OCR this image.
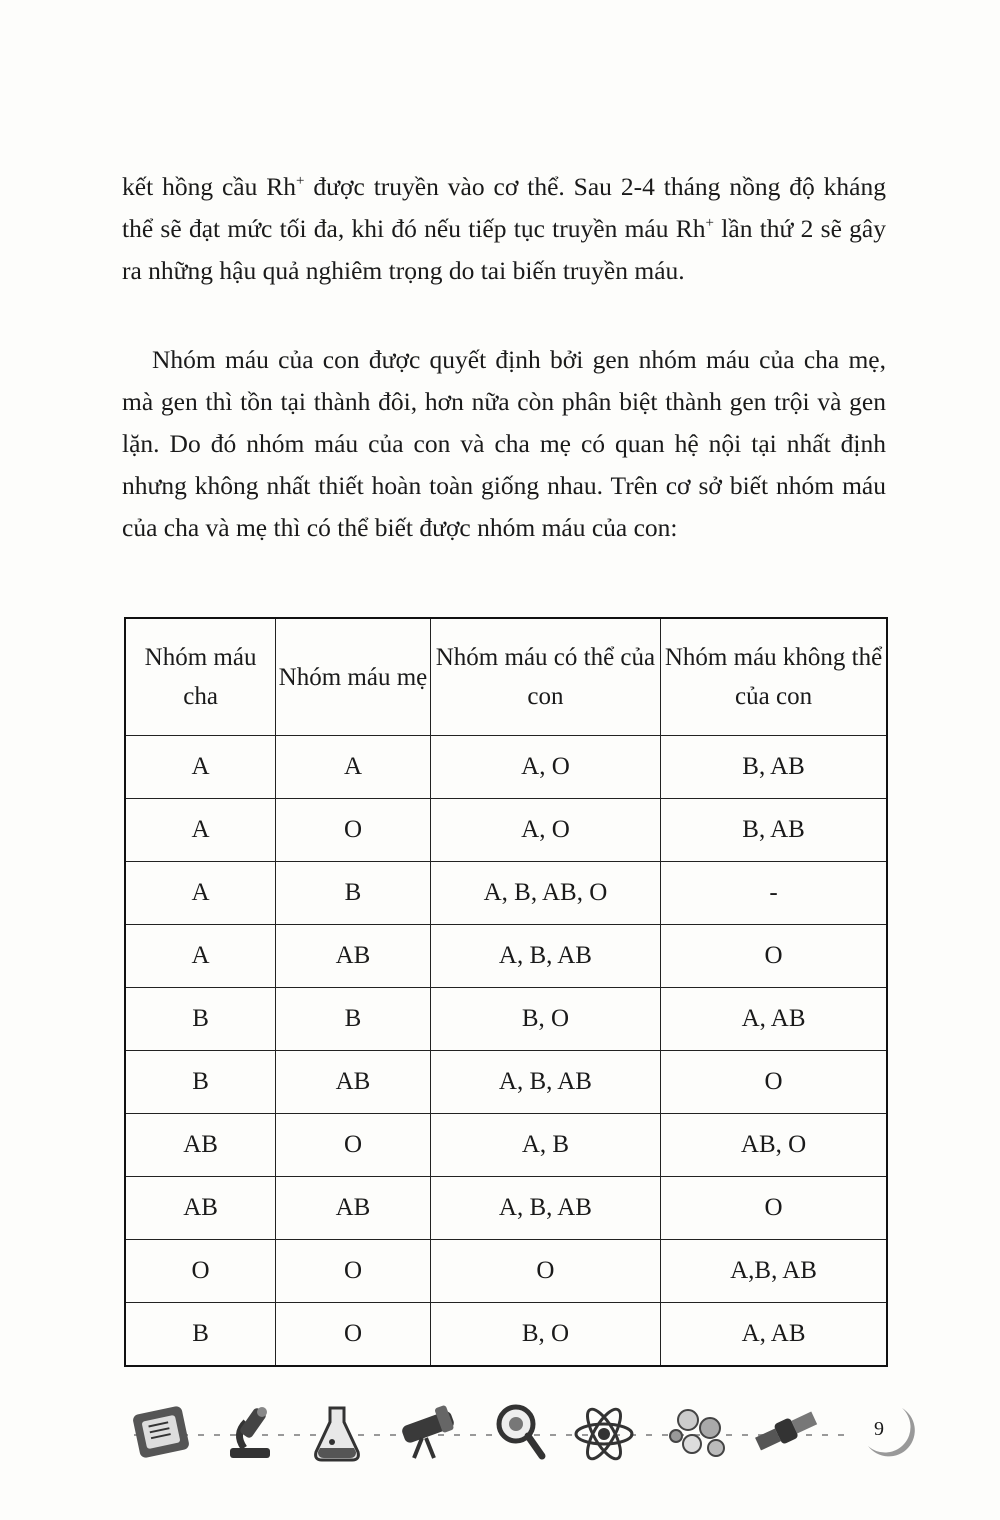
kết hồng cầu Rh+ được truyền vào cơ thể. Sau 2-4 tháng nồng độ kháng thể sẽ đạt mức tối đa, khi đó nếu tiếp tục truyền máu Rh+ lần thứ 2 sẽ gây ra những hậu quả nghiêm trọng do tai biến truyền máu.

Nhóm máu của con được quyết định bởi gen nhóm máu của cha mẹ, mà gen thì tồn tại thành đôi, hơn nữa còn phân biệt thành gen trội và gen lặn. Do đó nhóm máu của con và cha mẹ có quan hệ nội tại nhất định nhưng không nhất thiết hoàn toàn giống nhau. Trên cơ sở biết nhóm máu của cha và mẹ thì có thể biết được nhóm máu của con:

Nhóm máu cha	Nhóm máu mẹ	Nhóm máu có thể của con	Nhóm máu không thể của con
A	A	A, O	B, AB
A	O	A, O	B, AB
A	B	A, B, AB, O	-
A	AB	A, B, AB	O
B	B	B, O	A, AB
B	AB	A, B, AB	O
AB	O	A, B	AB, O
AB	AB	A, B, AB	O
O	O	O	A,B, AB
B	O	B, O	A, AB
9
